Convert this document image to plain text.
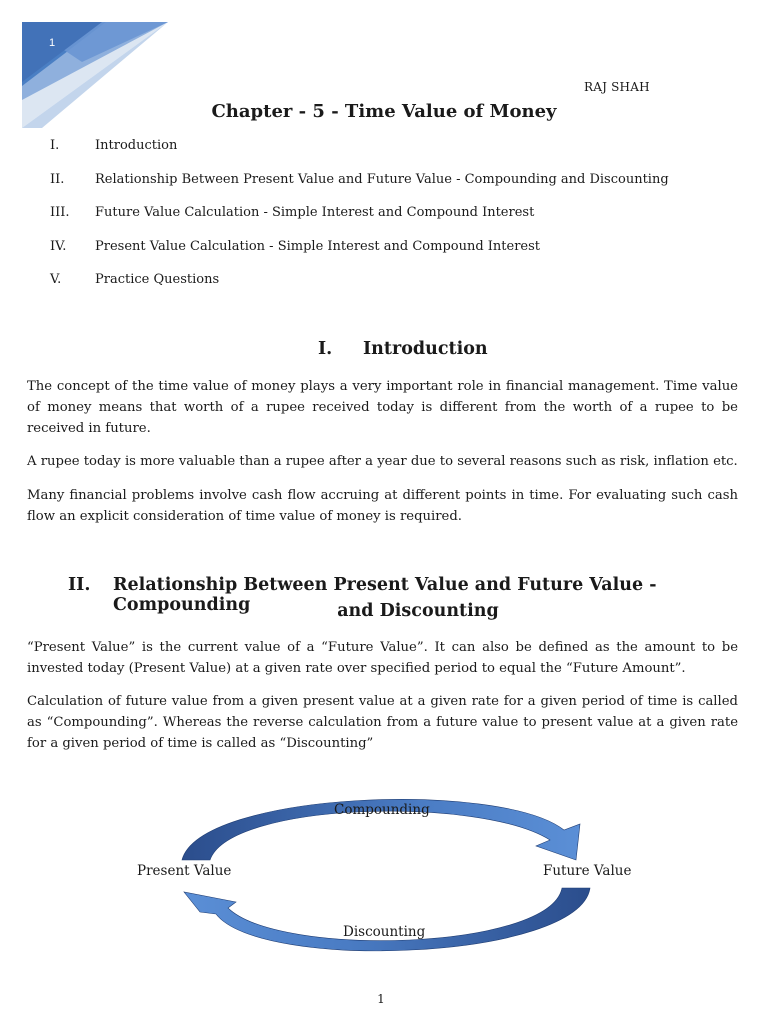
1
RAJ SHAH
Chapter - 5 - Time Value of Money
I.	Introduction
II. Relationship Between Present Value and Future Value - Compounding and Discounting
III. Future Value Calculation - Simple Interest and Compound Interest
IV. Present Value Calculation - Simple Interest and Compound Interest
V.	Practice Questions
I. Introduction

The concept of the time value of money plays a very important role in financial management. Time value of money means that worth of a rupee received today is different from the worth of a rupee to be received in future.

A rupee today is more valuable than a rupee after a year due to several reasons such as risk, inflation etc.

Many financial problems involve cash flow accruing at different points in time. For evaluating such cash flow an explicit consideration of time value of money is required.

II. Relationship Between Present Value and Future Value - Compounding	and Discounting

“Present Value” is the current value of a “Future Value”. It can also be defined as the amount to be invested today (Present Value) at a given rate over specified period to equal the “Future Amount”.

Calculation of future value from a given present value at a given rate for a given period of time is called as “Compounding”. Whereas the reverse calculation from a future value to present value at a given rate for a given period of time is called as “Discounting”

Compounding
Present Value	Future Value
Discounting
1
